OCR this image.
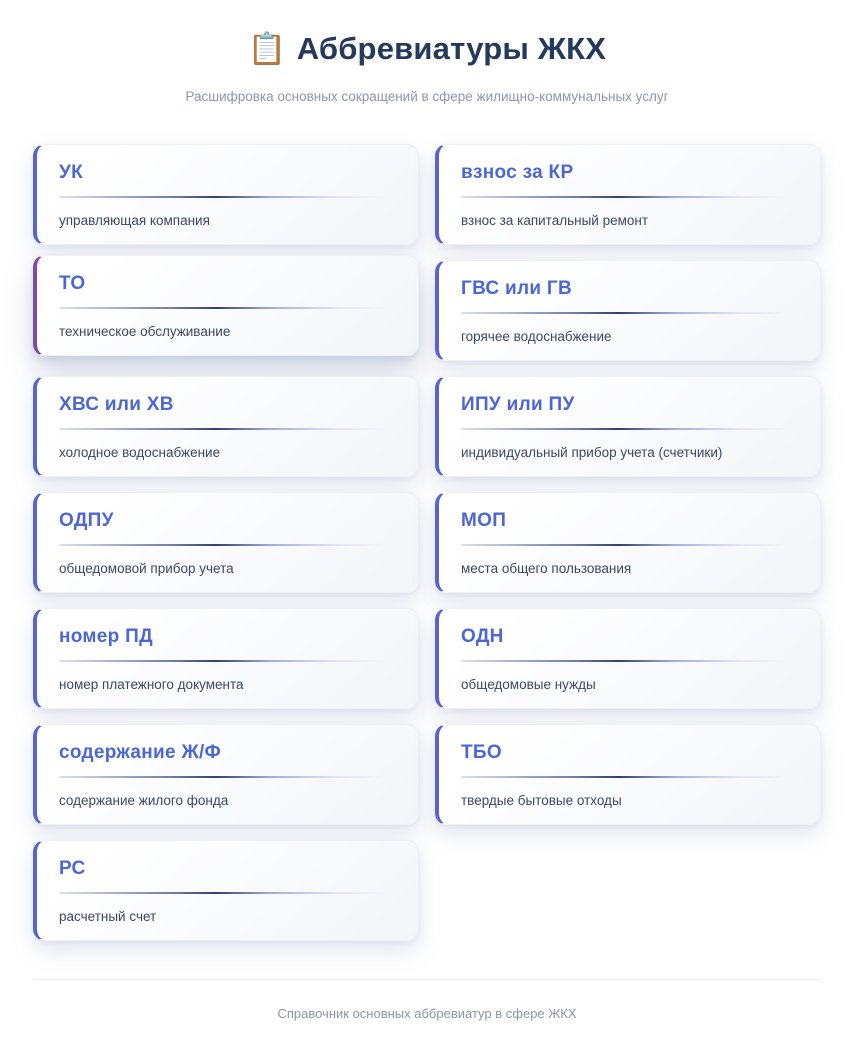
📋 Аббревиатуры ЖКХ

Расшифровка основных сокращений в сфере жилищно-коммунальных услуг

УК

управляющая компания

взнос за КР

взнос за капитальный ремонт

ТО

техническое обслуживание

ГВС или ГВ

горячее водоснабжение

ХВС или ХВ

холодное водоснабжение

ИПУ или ПУ

индивидуальный прибор учета (счетчики)

ОДПУ

общедомовой прибор учета

МОП

места общего пользования

номер ПД

номер платежного документа

ОДН

общедомовые нужды

содержание Ж/Ф

содержание жилого фонда

ТБО

твердые бытовые отходы

РС

расчетный счет

Справочник основных аббревиатур в сфере ЖКХ
